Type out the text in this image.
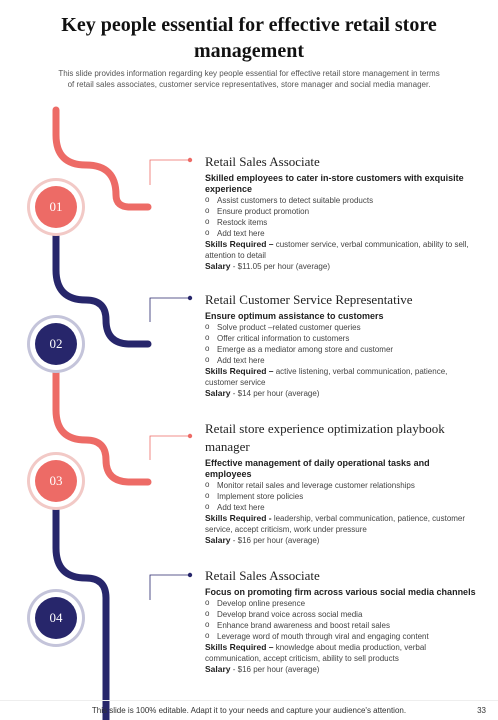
Key people essential for effective retail store management
This slide provides information regarding key people essential for effective retail store management in terms of retail sales associates, customer service representatives, store manager and social media manager.
01
02
03
04
Retail Sales Associate
Skilled employees to cater in-store customers with exquisite experience
o Assist customers to detect suitable products
o Ensure product promotion
o Restock items
o Add text here
Skills Required – customer service, verbal communication, ability to sell, attention to detail
Salary - $11.05 per hour (average)
Retail Customer Service Representative
Ensure optimum assistance to customers
o Solve product –related customer queries
o Offer critical information to customers
o Emerge as a mediator among store and customer
o Add text here
Skills Required – active listening, verbal communication, patience, customer service
Salary - $14 per hour (average)
Retail store experience optimization playbook manager
Effective management of daily operational tasks and employees
o Monitor retail sales and leverage customer relationships
o Implement store policies
o Add text here
Skills Required - leadership, verbal communication, patience, customer service, accept criticism, work under pressure
Salary - $16 per hour (average)
Retail Sales Associate
Focus on promoting firm across various social media channels
o Develop online presence
o Develop brand voice across social media
o Enhance brand awareness and boost retail sales
o Leverage word of mouth through viral and engaging content
Skills Required – knowledge about media production, verbal communication, accept criticism, ability to sell products
Salary - $16 per hour (average)
This slide is 100% editable. Adapt it to your needs and capture your audience's attention.	33
